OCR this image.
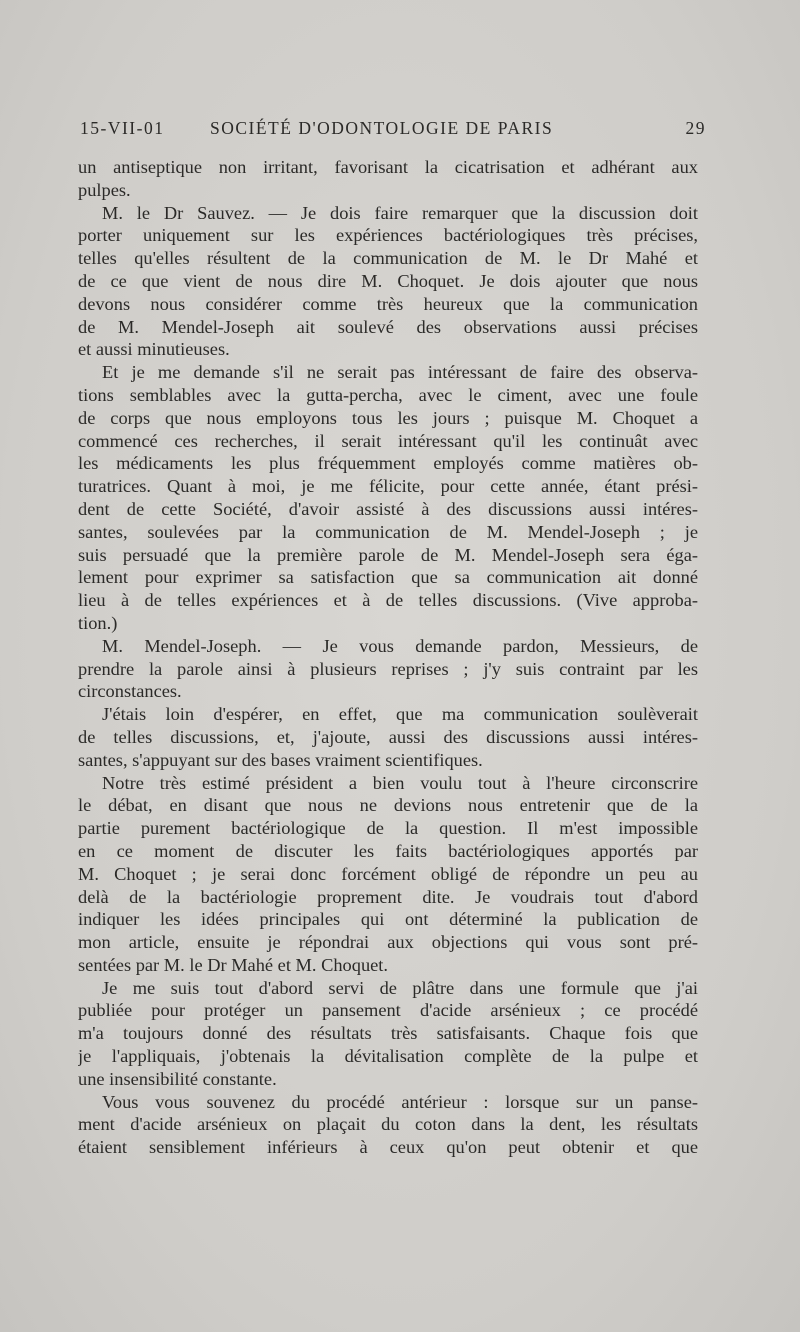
15-VII-01	SOCIÉTÉ D'ODONTOLOGIE DE PARIS	29
un antiseptique non irritant, favorisant la cicatrisation et adhérant aux
pulpes.
M. le Dr Sauvez. — Je dois faire remarquer que la discussion doit
porter uniquement sur les expériences bactériologiques très précises,
telles qu'elles résultent de la communication de M. le Dr Mahé et
de ce que vient de nous dire M. Choquet. Je dois ajouter que nous
devons nous considérer comme très heureux que la communication
de M. Mendel-Joseph ait soulevé des observations aussi précises
et aussi minutieuses.
Et je me demande s'il ne serait pas intéressant de faire des observa-
tions semblables avec la gutta-percha, avec le ciment, avec une foule
de corps que nous employons tous les jours ; puisque M. Choquet a
commencé ces recherches, il serait intéressant qu'il les continuât avec
les médicaments les plus fréquemment employés comme matières ob-
turatrices. Quant à moi, je me félicite, pour cette année, étant prési-
dent de cette Société, d'avoir assisté à des discussions aussi intéres-
santes, soulevées par la communication de M. Mendel-Joseph ; je
suis persuadé que la première parole de M. Mendel-Joseph sera éga-
lement pour exprimer sa satisfaction que sa communication ait donné
lieu à de telles expériences et à de telles discussions. (Vive approba-
tion.)
M. Mendel-Joseph. — Je vous demande pardon, Messieurs, de
prendre la parole ainsi à plusieurs reprises ; j'y suis contraint par les
circonstances.
J'étais loin d'espérer, en effet, que ma communication soulèverait
de telles discussions, et, j'ajoute, aussi des discussions aussi intéres-
santes, s'appuyant sur des bases vraiment scientifiques.
Notre très estimé président a bien voulu tout à l'heure circonscrire
le débat, en disant que nous ne devions nous entretenir que de la
partie purement bactériologique de la question. Il m'est impossible
en ce moment de discuter les faits bactériologiques apportés par
M. Choquet ; je serai donc forcément obligé de répondre un peu au
delà de la bactériologie proprement dite. Je voudrais tout d'abord
indiquer les idées principales qui ont déterminé la publication de
mon article, ensuite je répondrai aux objections qui vous sont pré-
sentées par M. le Dr Mahé et M. Choquet.
Je me suis tout d'abord servi de plâtre dans une formule que j'ai
publiée pour protéger un pansement d'acide arsénieux ; ce procédé
m'a toujours donné des résultats très satisfaisants. Chaque fois que
je l'appliquais, j'obtenais la dévitalisation complète de la pulpe et
une insensibilité constante.
Vous vous souvenez du procédé antérieur : lorsque sur un panse-
ment d'acide arsénieux on plaçait du coton dans la dent, les résultats
étaient sensiblement inférieurs à ceux qu'on peut obtenir et que
